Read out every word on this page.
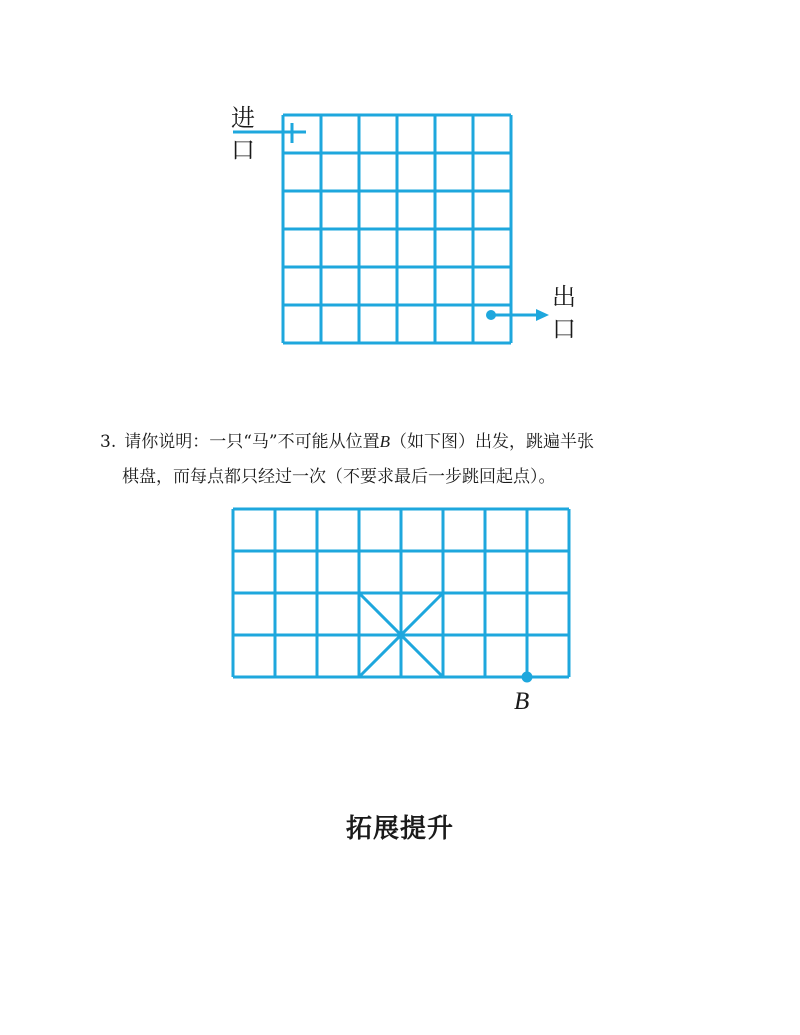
进
口
出
口
B
3. 请你说明：一只“马”不可能从位置B（如下图）出发，跳遍半张
棋盘，而每点都只经过一次（不要求最后一步跳回起点）。
拓展提升
